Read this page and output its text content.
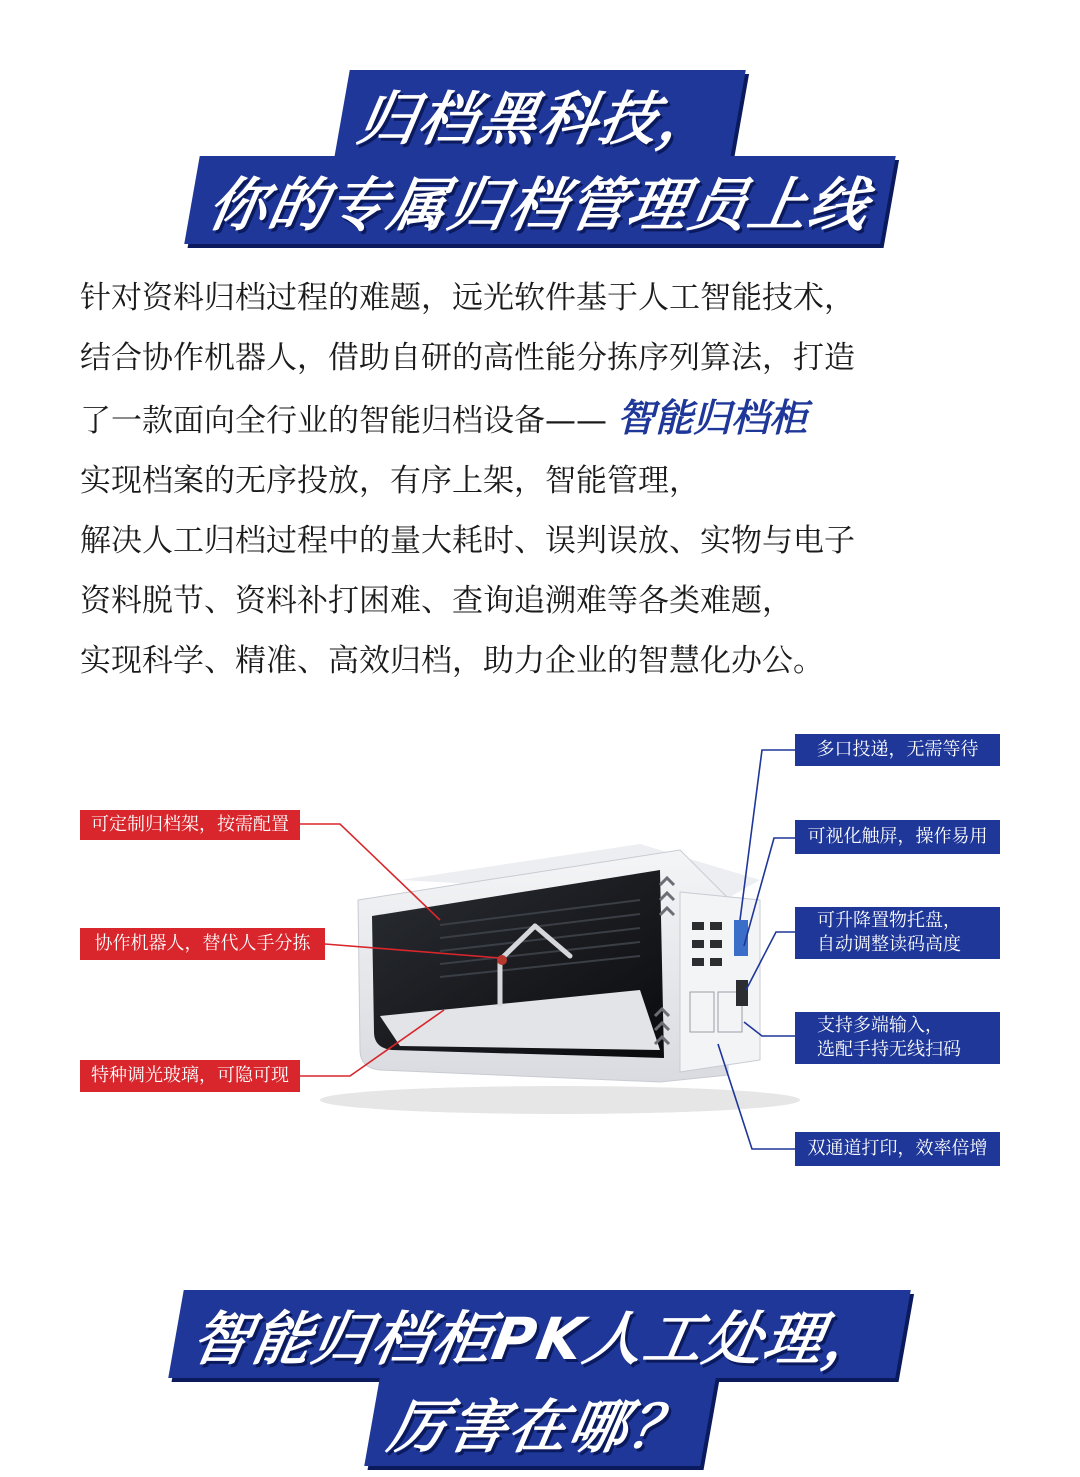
归档黑科技，
你的专属归档管理员上线

针对资料归档过程的难题，远光软件基于人工智能技术，

结合协作机器人，借助自研的高性能分拣序列算法，打造

了一款面向全行业的智能归档设备—— 智能归档柜

实现档案的无序投放，有序上架，智能管理，

解决人工归档过程中的量大耗时、误判误放、实物与电子

资料脱节、资料补打困难、查询追溯难等各类难题，

实现科学、精准、高效归档，助力企业的智慧化办公。

可定制归档架，按需配置
协作机器人，替代人手分拣
特种调光玻璃，可隐可现
多口投递，无需等待
可视化触屏，操作易用
可升降置物托盘，
自动调整读码高度
支持多端输入，
选配手持无线扫码
双通道打印，效率倍增
智能归档柜PK人工处理，
厉害在哪？
